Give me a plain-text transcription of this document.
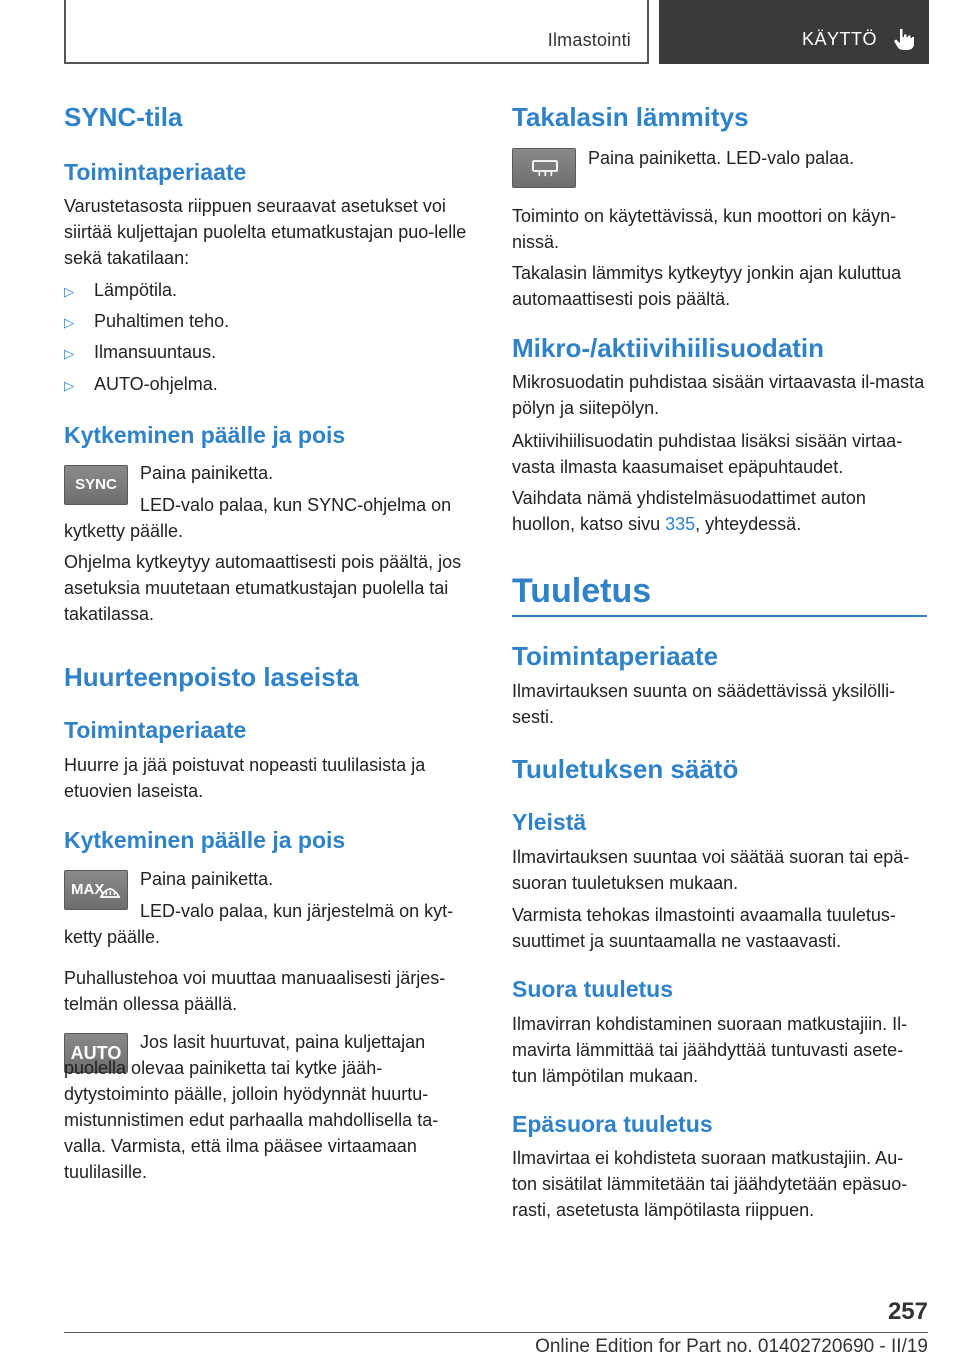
Ilmastointi	KÄYTTÖ
SYNC-tila
Toimintaperiaate

Varustetasosta riippuen seuraavat asetukset voi siirtää kuljettajan puolelta etumatkustajan puo-lelle sekä takatilaan:

▷ Lämpötila.
▷ Puhaltimen teho.
▷ Ilmansuuntaus.
▷ AUTO-ohjelma.
Kytkeminen päälle ja pois
SYNC

Paina painiketta.

LED-valo palaa, kun SYNC-ohjelma on kytketty päälle.

Ohjelma kytkeytyy automaattisesti pois päältä, jos asetuksia muutetaan etumatkustajan puolella tai takatilassa.

Huurteenpoisto laseista
Toimintaperiaate

Huurre ja jää poistuvat nopeasti tuulilasista ja etuovien laseista.

Kytkeminen päälle ja pois
MAX

Paina painiketta.

LED-valo palaa, kun järjestelmä on kyt-ketty päälle.

Puhallustehoa voi muuttaa manuaalisesti järjes-telmän ollessa päällä.

AUTO

Jos lasit huurtuvat, paina kuljettajan puolella olevaa painiketta tai kytke jääh-dytystoiminto päälle, jolloin hyödynnät huurtu-mistunnistimen edut parhaalla mahdollisella ta-valla. Varmista, että ilma pääsee virtaamaan tuulilasille.

Takalasin lämmitys

Paina painiketta. LED-valo palaa.

Toiminto on käytettävissä, kun moottori on käyn-nissä.

Takalasin lämmitys kytkeytyy jonkin ajan kuluttua automaattisesti pois päältä.

Mikro-/aktiivihiilisuodatin

Mikrosuodatin puhdistaa sisään virtaavasta il-masta pölyn ja siitepölyn.

Aktiivihiilisuodatin puhdistaa lisäksi sisään virtaa-vasta ilmasta kaasumaiset epäpuhtaudet.

Vaihdata nämä yhdistelmäsuodattimet auton huollon, katso sivu 335, yhteydessä.

Tuuletus
Toimintaperiaate

Ilmavirtauksen suunta on säädettävissä yksilölli-sesti.

Tuuletuksen säätö
Yleistä

Ilmavirtauksen suuntaa voi säätää suoran tai epä-suoran tuuletuksen mukaan.

Varmista tehokas ilmastointi avaamalla tuuletus-suuttimet ja suuntaamalla ne vastaavasti.

Suora tuuletus

Ilmavirran kohdistaminen suoraan matkustajiin. Il-mavirta lämmittää tai jäähdyttää tuntuvasti asete-tun lämpötilan mukaan.

Epäsuora tuuletus

Ilmavirtaa ei kohdisteta suoraan matkustajiin. Au-ton sisätilat lämmitetään tai jäähdytetään epäsuo-rasti, asetetusta lämpötilasta riippuen.

257
Online Edition for Part no. 01402720690 - II/19
